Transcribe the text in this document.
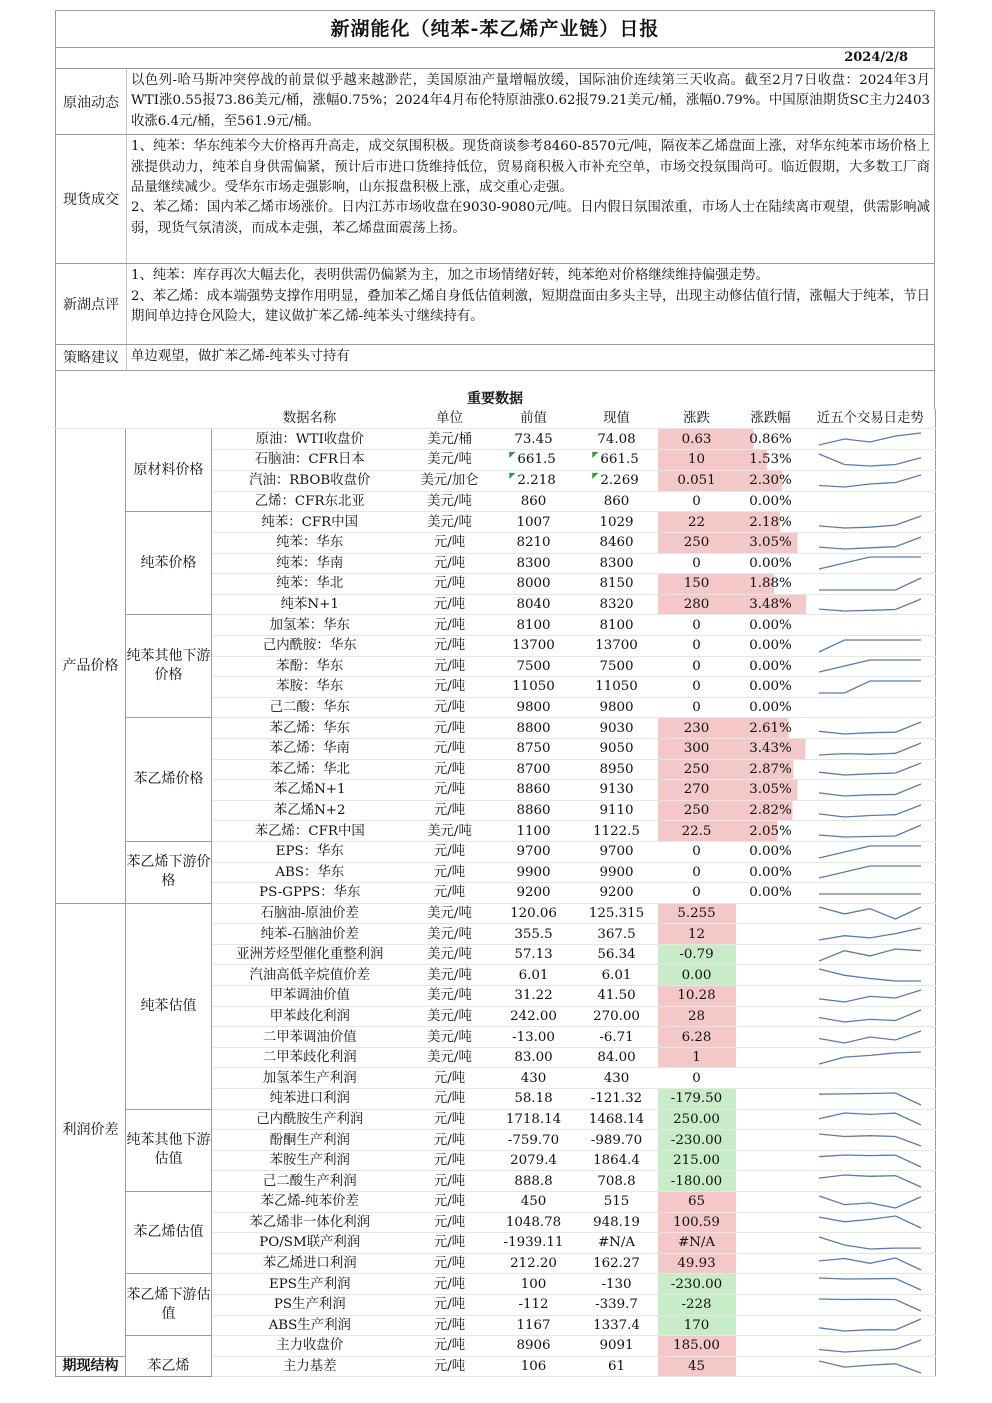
新湖能化（纯苯-苯乙烯产业链）日报
2024/2/8
原油动态

以色列-哈马斯冲突停战的前景似乎越来越渺茫，美国原油产量增幅放缓，国际油价连续第三天收高。截至2月7日收盘：2024年3月WTI涨0.55报73.86美元/桶，涨幅0.75%；2024年4月布伦特原油涨0.62报79.21美元/桶，涨幅0.79%。中国原油期货SC主力2403收涨6.4元/桶，至561.9元/桶。

现货成交

1、纯苯：华东纯苯今大价格再升高走，成交氛围积极。现货商谈参考8460-8570元/吨，隔夜苯乙烯盘面上涨，对华东纯苯市场价格上涨提供动力，纯苯自身供需偏紧，预计后市进口货维持低位，贸易商积极入市补充空单，市场交投氛围尚可。临近假期，大多数工厂商品量继续减少。受华东市场走强影响，山东报盘积极上涨，成交重心走强。

2、苯乙烯：国内苯乙烯市场涨价。日内江苏市场收盘在9030-9080元/吨。日内假日氛围浓重，市场人士在陆续离市观望，供需影响减弱，现货气氛清淡，而成本走强，苯乙烯盘面震荡上扬。

新湖点评

1、纯苯：库存再次大幅去化，表明供需仍偏紧为主，加之市场情绪好转，纯苯绝对价格继续维持偏强走势。

2、苯乙烯：成本端强势支撑作用明显，叠加苯乙烯自身低估值刺激，短期盘面由多头主导，出现主动修估值行情，涨幅大于纯苯，节日期间单边持仓风险大，建议做扩苯乙烯-纯苯头寸继续持有。

策略建议 单边观望，做扩苯乙烯-纯苯头寸持有

重要数据
		数据名称	单位	前值	现值	涨跌	涨跌幅	近五个交易日走势
产品价格	原材料价格	原油：WTI收盘价	美元/桶	73.45	74.08	0.63	0.86%	

		石脑油：CFR日本	美元/吨	◤ 661.5	◤ 661.5	10	1.53%	

		汽油：RBOB收盘价	美元/加仑	◤ 2.218	◤ 2.269	0.051	2.30%	

		乙烯：CFR东北亚	美元/吨	860	860	0	0.00%	

	纯苯价格	纯苯：CFR中国	美元/吨	1007	1029	22	2.18%	

		纯苯：华东	元/吨	8210	8460	250	3.05%	

		纯苯：华南	元/吨	8300	8300	0	0.00%	

		纯苯：华北	元/吨	8000	8150	150	1.88%	

		纯苯N+1	元/吨	8040	8320	280	3.48%	

	纯苯其他下游价格	加氢苯：华东	元/吨	8100	8100	0	0.00%	

		己内酰胺：华东	元/吨	13700	13700	0	0.00%	

		苯酚：华东	元/吨	7500	7500	0	0.00%	

		苯胺：华东	元/吨	11050	11050	0	0.00%	

		己二酸：华东	元/吨	9800	9800	0	0.00%	

	苯乙烯价格	苯乙烯：华东	元/吨	8800	9030	230	2.61%	

		苯乙烯：华南	元/吨	8750	9050	300	3.43%	

		苯乙烯：华北	元/吨	8700	8950	250	2.87%	

		苯乙烯N+1	元/吨	8860	9130	270	3.05%	

		苯乙烯N+2	元/吨	8860	9110	250	2.82%	

		苯乙烯：CFR中国	美元/吨	1100	1122.5	22.5	2.05%	

	苯乙烯下游价格	EPS：华东	元/吨	9700	9700	0	0.00%	

		ABS：华东	元/吨	9900	9900	0	0.00%	

		PS-GPPS：华东	元/吨	9200	9200	0	0.00%	

利润价差	纯苯估值	石脑油-原油价差	美元/吨	120.06	125.315	5.255		

		纯苯-石脑油价差	美元/吨	355.5	367.5	12		

		亚洲芳烃型催化重整利润	美元/吨	57.13	56.34	-0.79		

		汽油高低辛烷值价差	美元/吨	6.01	6.01	0.00		

		甲苯调油价值	美元/吨	31.22	41.50	10.28		

		甲苯歧化利润	美元/吨	242.00	270.00	28		

		二甲苯调油价值	美元/吨	-13.00	-6.71	6.28		

		二甲苯歧化利润	美元/吨	83.00	84.00	1		

		加氢苯生产利润	元/吨	430	430	0		

		纯苯进口利润	元/吨	58.18	-121.32	-179.50		

	纯苯其他下游估值	己内酰胺生产利润	元/吨	1718.14	1468.14	250.00		

		酚酮生产利润	元/吨	-759.70	-989.70	-230.00		

		苯胺生产利润	元/吨	2079.4	1864.4	215.00		

		己二酸生产利润	元/吨	888.8	708.8	-180.00		

	苯乙烯估值	苯乙烯-纯苯价差	元/吨	450	515	65		

		苯乙烯非一体化利润	元/吨	1048.78	948.19	100.59		

		PO/SM联产利润	元/吨	-1939.11	#N/A	#N/A		

		苯乙烯进口利润	元/吨	212.20	162.27	49.93		

	苯乙烯下游估值	EPS生产利润	元/吨	100	-130	-230.00		

		PS生产利润	元/吨	-112	-339.7	-228		

		ABS生产利润	元/吨	1167	1337.4	170		

	苯乙烯	主力收盘价	元/吨	8906	9091	185.00		

期现结构		主力基差	元/吨	106	61	45		
